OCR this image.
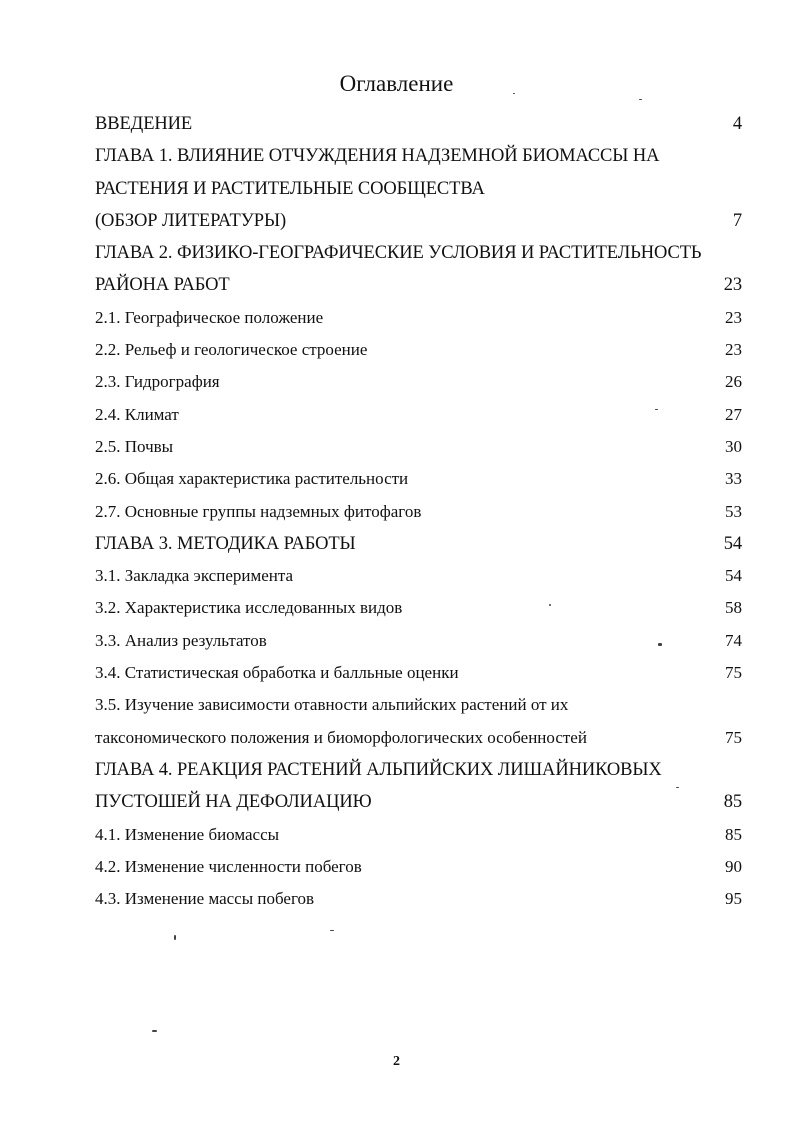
Оглавление
ВВЕДЕНИЕ	4
ГЛАВА 1. ВЛИЯНИЕ ОТЧУЖДЕНИЯ НАДЗЕМНОЙ БИОМАССЫ НА
РАСТЕНИЯ И РАСТИТЕЛЬНЫЕ СООБЩЕСТВА
(ОБЗОР ЛИТЕРАТУРЫ)	7
ГЛАВА 2. ФИЗИКО-ГЕОГРАФИЧЕСКИЕ УСЛОВИЯ И РАСТИТЕЛЬНОСТЬ
РАЙОНА РАБОТ	23
2.1. Географическое положение	23
2.2. Рельеф и геологическое строение	23
2.3. Гидрография	26
2.4. Климат	27
2.5. Почвы	30
2.6. Общая характеристика растительности	33
2.7. Основные группы надземных фитофагов	53
ГЛАВА 3. МЕТОДИКА РАБОТЫ	54
3.1. Закладка эксперимента	54
3.2. Характеристика исследованных видов	58
3.3. Анализ результатов	74
3.4. Статистическая обработка и балльные оценки	75
3.5. Изучение зависимости отавности альпийских растений от их
таксономического положения и биоморфологических особенностей	75
ГЛАВА 4. РЕАКЦИЯ РАСТЕНИЙ АЛЬПИЙСКИХ ЛИШАЙНИКОВЫХ
ПУСТОШЕЙ НА ДЕФОЛИАЦИЮ	85
4.1. Изменение биомассы	85
4.2. Изменение численности побегов	90
4.3. Изменение массы побегов	95
2
